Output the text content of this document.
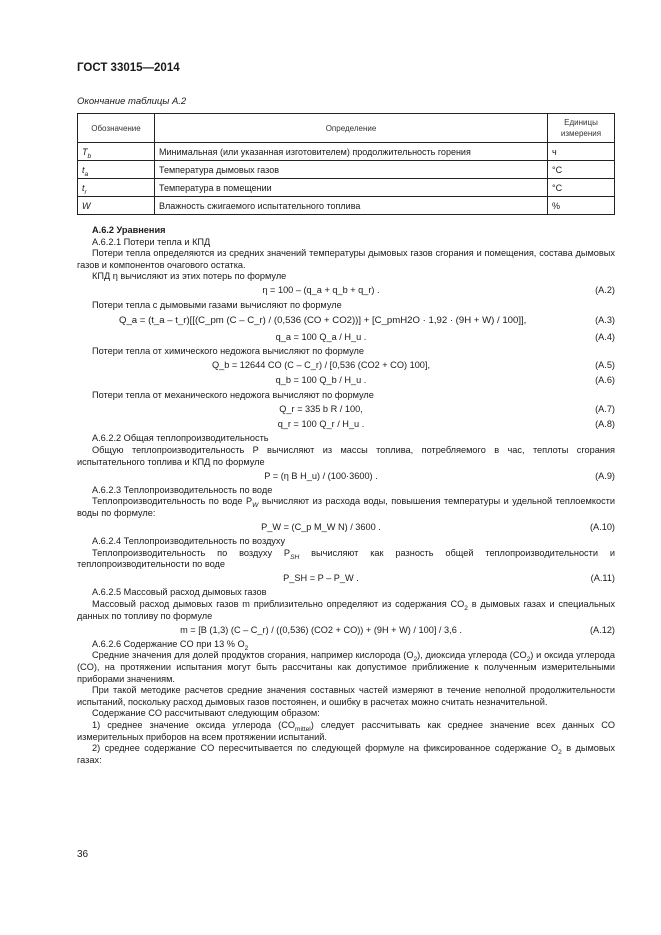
ГОСТ 33015—2014
Окончание таблицы А.2
Обозначение	Определение	Единицы измерения
$T_b$	Минимальная (или указанная изготовителем) продолжительность горения	ч
$t_a$	Температура дымовых газов	°C
$t_r$	Температура в помещении	°C
W	Влажность сжигаемого испытательного топлива	%

А.6.2 Уравнения

А.6.2.1 Потери тепла и КПД

Потери тепла определяются из средних значений температуры дымовых газов сгорания и помещения, состава дымовых газов и компонентов очагового остатка.

КПД η вычисляют из этих потерь по формуле

η = 100 – (q_a + q_b + q_r) .	(А.2)

Потери тепла с дымовыми газами вычисляют по формуле

Q_a = (t_a – t_r)[[(C_pm (C – C_r) / (0,536 (CO + CO2))] + [C_pmH2O · 1,92 · (9H + W) / 100]],	(А.3)
q_a = 100 Q_a / H_u .	(А.4)

Потери тепла от химического недожога вычисляют по формуле

Q_b = 12644 CO (C – C_r) / [0,536 (CO2 + CO) 100],	(А.5)
q_b = 100 Q_b / H_u .	(А.6)

Потери тепла от механического недожога вычисляют по формуле

Q_r = 335 b R / 100,	(А.7)
q_r = 100 Q_r / H_u .	(А.8)

А.6.2.2 Общая теплопроизводительность

Общую теплопроизводительность P вычисляют из массы топлива, потребляемого в час, теплоты сгорания испытательного топлива и КПД по формуле

P = (η B H_u) / (100·3600) .	(А.9)

А.6.2.3 Теплопроизводительность по воде

Теплопроизводительность по воде $P_W$ вычисляют из расхода воды, повышения температуры и удельной теплоемкости воды по формуле:

P_W = (C_p M_W N) / 3600 .	(А.10)

А.6.2.4 Теплопроизводительность по воздуху

Теплопроизводительность по воздуху $P_{SH}$ вычисляют как разность общей теплопроизводительности и теплопроизводительности по воде

P_SH = P – P_W .	(А.11)

А.6.2.5 Массовый расход дымовых газов

Массовый расход дымовых газов m приблизительно определяют из содержания $CO_2$ в дымовых газах и специальных данных по топливу по формуле

m = [B (1,3) (C – C_r) / ((0,536) (CO2 + CO)) + (9H + W) / 100] / 3,6 .	(А.12)

А.6.2.6 Содержание CO при 13 % $O_2$

Средние значения для долей продуктов сгорания, например кислорода $(O_2)$, диоксида углерода $(CO_2)$ и оксида углерода (CO), на протяжении испытания могут быть рассчитаны как допустимое приближение к полученным измерительными приборами значениям.

При такой методике расчетов средние значения составных частей измеряют в течение неполной продолжительности испытаний, поскольку расход дымовых газов постоянен, и ошибку в расчетах можно считать незначительной.

Содержание CO рассчитывают следующим образом:

1) среднее значение оксида углерода $(CO_{mittel})$ следует рассчитывать как среднее значение всех данных CO измерительных приборов на всем протяжении испытаний.

2) среднее содержание CO пересчитывается по следующей формуле на фиксированное содержание $O_2$ в дымовых газах:

36
